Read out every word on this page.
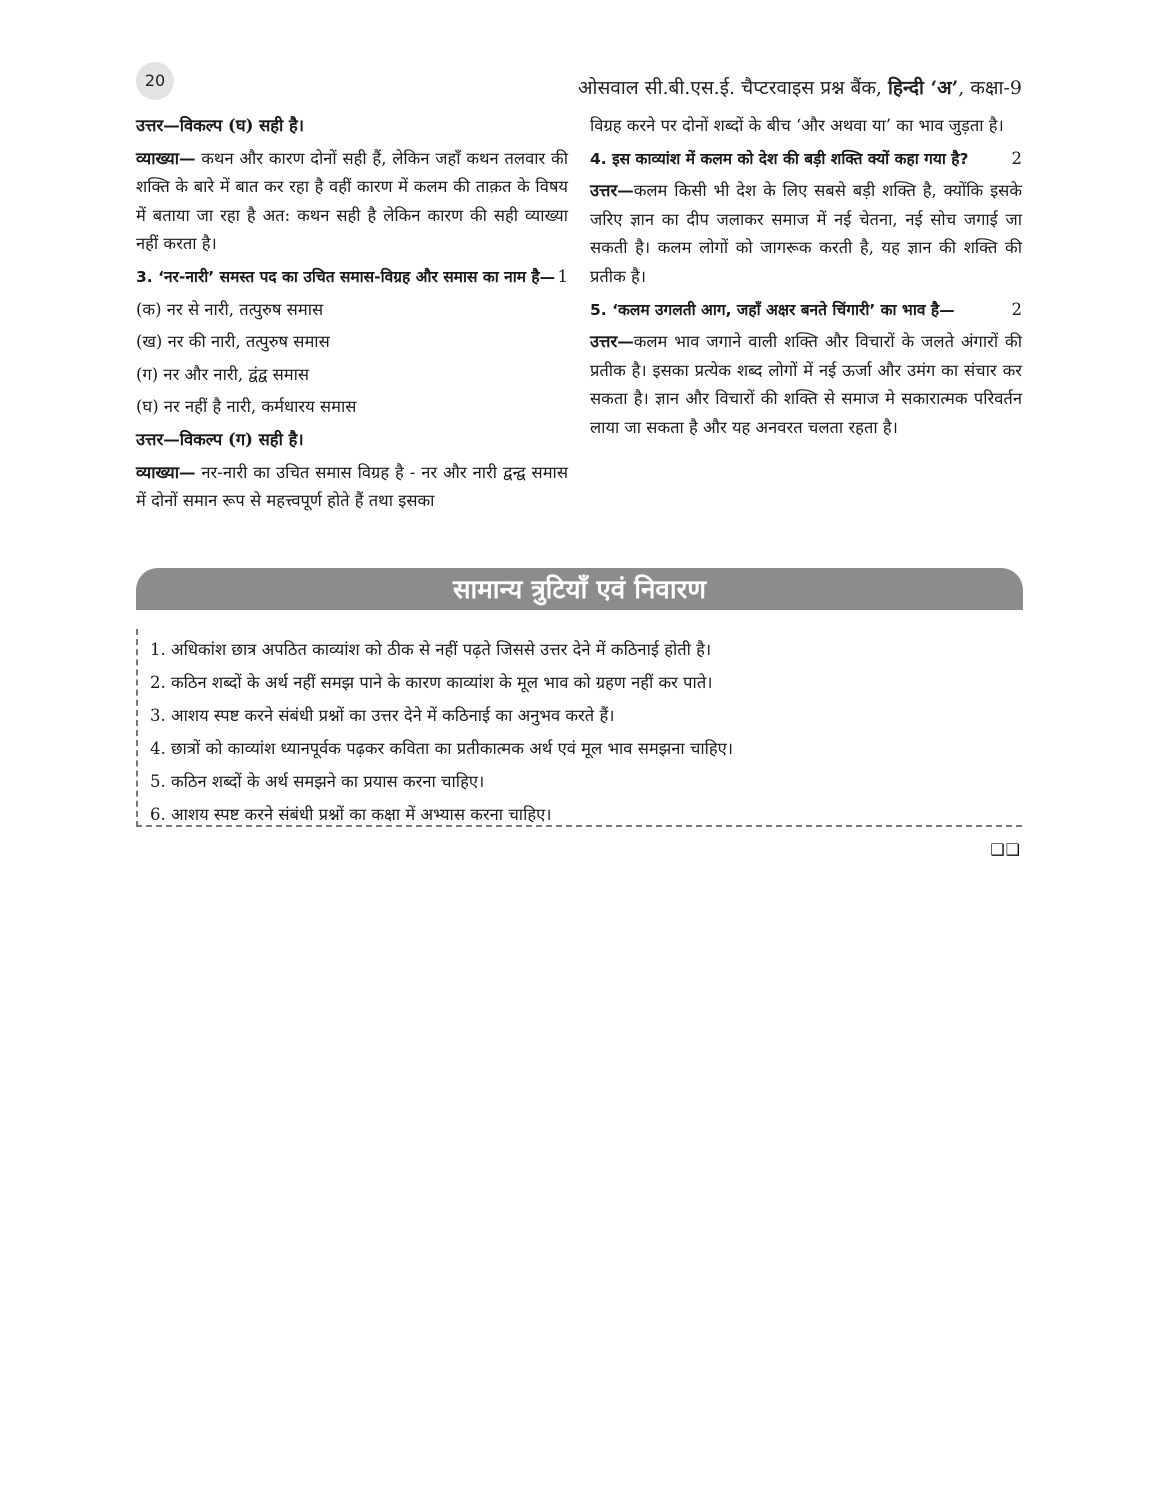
20	ओसवाल सी.बी.एस.ई. चैप्टरवाइस प्रश्न बैंक, हिन्दी ‘अ’, कक्षा-9

उत्तर—विकल्प (घ) सही है।

व्याख्या— कथन और कारण दोनों सही हैं, लेकिन जहाँ कथन तलवार की शक्ति के बारे में बात कर रहा है वहीं कारण में कलम की ताक़त के विषय में बताया जा रहा है अत: कथन सही है लेकिन कारण की सही व्याख्या नहीं करता है।

3. ‘नर-नारी’ समस्त पद का उचित समास-विग्रह और समास का नाम है— 1

(क) नर से नारी, तत्पुरुष समास

(ख) नर की नारी, तत्पुरुष समास

(ग) नर और नारी, द्वंद्व समास

(घ) नर नहीं है नारी, कर्मधारय समास

उत्तर—विकल्प (ग) सही है।

व्याख्या— नर-नारी का उचित समास विग्रह है - नर और नारी द्वन्द्व समास में दोनों समान रूप से महत्त्वपूर्ण होते हैं तथा इसका

विग्रह करने पर दोनों शब्दों के बीच ‘और अथवा या’ का भाव जुड़ता है।

4. इस काव्यांश में कलम को देश की बड़ी शक्ति क्यों कहा गया है?	2

उत्तर—कलम किसी भी देश के लिए सबसे बड़ी शक्ति है, क्योंकि इसके जरिए ज्ञान का दीप जलाकर समाज में नई चेतना, नई सोच जगाई जा सकती है। कलम लोगों को जागरूक करती है, यह ज्ञान की शक्ति की प्रतीक है।

5. ‘कलम उगलती आग, जहाँ अक्षर बनते चिंगारी’ का भाव है—	2

उत्तर—कलम भाव जगाने वाली शक्ति और विचारों के जलते अंगारों की प्रतीक है। इसका प्रत्येक शब्द लोगों में नई ऊर्जा और उमंग का संचार कर सकता है। ज्ञान और विचारों की शक्ति से समाज मे सकारात्मक परिवर्तन लाया जा सकता है और यह अनवरत चलता रहता है।

सामान्य त्रुटियाँ एवं निवारण
1. अधिकांश छात्र अपठित काव्यांश को ठीक से नहीं पढ़ते जिससे उत्तर देने में कठिनाई होती है।
2. कठिन शब्दों के अर्थ नहीं समझ पाने के कारण काव्यांश के मूल भाव को ग्रहण नहीं कर पाते।
3. आशय स्पष्ट करने संबंधी प्रश्नों का उत्तर देने में कठिनाई का अनुभव करते हैं।
4. छात्रों को काव्यांश ध्यानपूर्वक पढ़कर कविता का प्रतीकात्मक अर्थ एवं मूल भाव समझना चाहिए।
5. कठिन शब्दों के अर्थ समझने का प्रयास करना चाहिए।
6. आशय स्पष्ट करने संबंधी प्रश्नों का कक्षा में अभ्यास करना चाहिए।
❑❑
